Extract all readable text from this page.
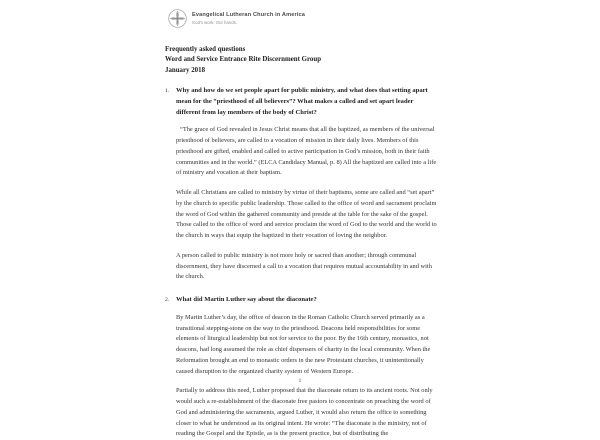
Evangelical Lutheran Church in America
God's work. Our hands.
Frequently asked questions
Word and Service Entrance Rite Discernment Group
January 2018
1.	Why and how do we set people apart for public ministry, and what does that setting apart mean for the “priesthood of all believers”? What makes a called and set apart leader different from lay members of the body of Christ?

“The grace of God revealed in Jesus Christ means that all the baptized, as members of the universal priesthood of believers, are called to a vocation of mission in their daily lives. Members of this priesthood are gifted, enabled and called to active participation in God’s mission, both in their faith communities and in the world.” (ELCA Candidacy Manual, p. 8) All the baptized are called into a life of ministry and vocation at their baptism.

While all Christians are called to ministry by virtue of their baptisms, some are called and “set apart” by the church to specific public leadership. Those called to the office of word and sacrament proclaim the word of God within the gathered community and preside at the table for the sake of the gospel. Those called to the office of word and service proclaim the word of God to the world and the world to the church in ways that equip the baptized in their vocation of loving the neighbor.

A person called to public ministry is not more holy or sacred than another; through communal discernment, they have discerned a call to a vocation that requires mutual accountability in and with the church.

2.	What did Martin Luther say about the diaconate?

By Martin Luther’s day, the office of deacon in the Roman Catholic Church served primarily as a transitional stepping-stone on the way to the priesthood. Deacons held responsibilities for some elements of liturgical leadership but not for service to the poor. By the 16th century, monastics, not deacons, had long assumed the role as chief dispensers of charity in the local community. When the Reformation brought an end to monastic orders in the new Protestant churches, it unintentionally caused disruption to the organized charity system of Western Europe.

Partially to address this need, Luther proposed that the diaconate return to its ancient roots. Not only would such a re-establishment of the diaconate free pastors to concentrate on preaching the word of God and administering the sacraments, argued Luther, it would also return the office to something closer to what he understood as its original intent. He wrote: “The diaconate is the ministry, not of reading the Gospel and the Epistle, as is the present practice, but of distributing the

1
